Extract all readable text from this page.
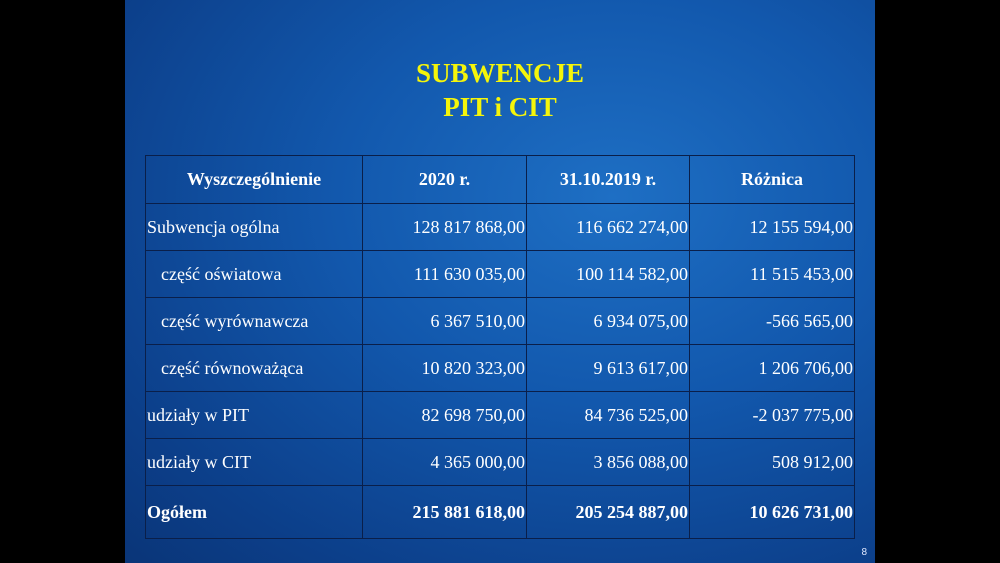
SUBWENCJE
PIT i CIT
Wyszczególnienie	2020 r.	31.10.2019 r.	Różnica
Subwencja ogólna	128 817 868,00	116 662 274,00	12 155 594,00
część oświatowa	111 630 035,00	100 114 582,00	11 515 453,00
część wyrównawcza	6 367 510,00	6 934 075,00	-566 565,00
część równoważąca	10 820 323,00	9 613 617,00	1 206 706,00
udziały w PIT	82 698 750,00	84 736 525,00	-2 037 775,00
udziały w CIT	4 365 000,00	3 856 088,00	508 912,00
Ogółem	215 881 618,00	205 254 887,00	10 626 731,00
8
